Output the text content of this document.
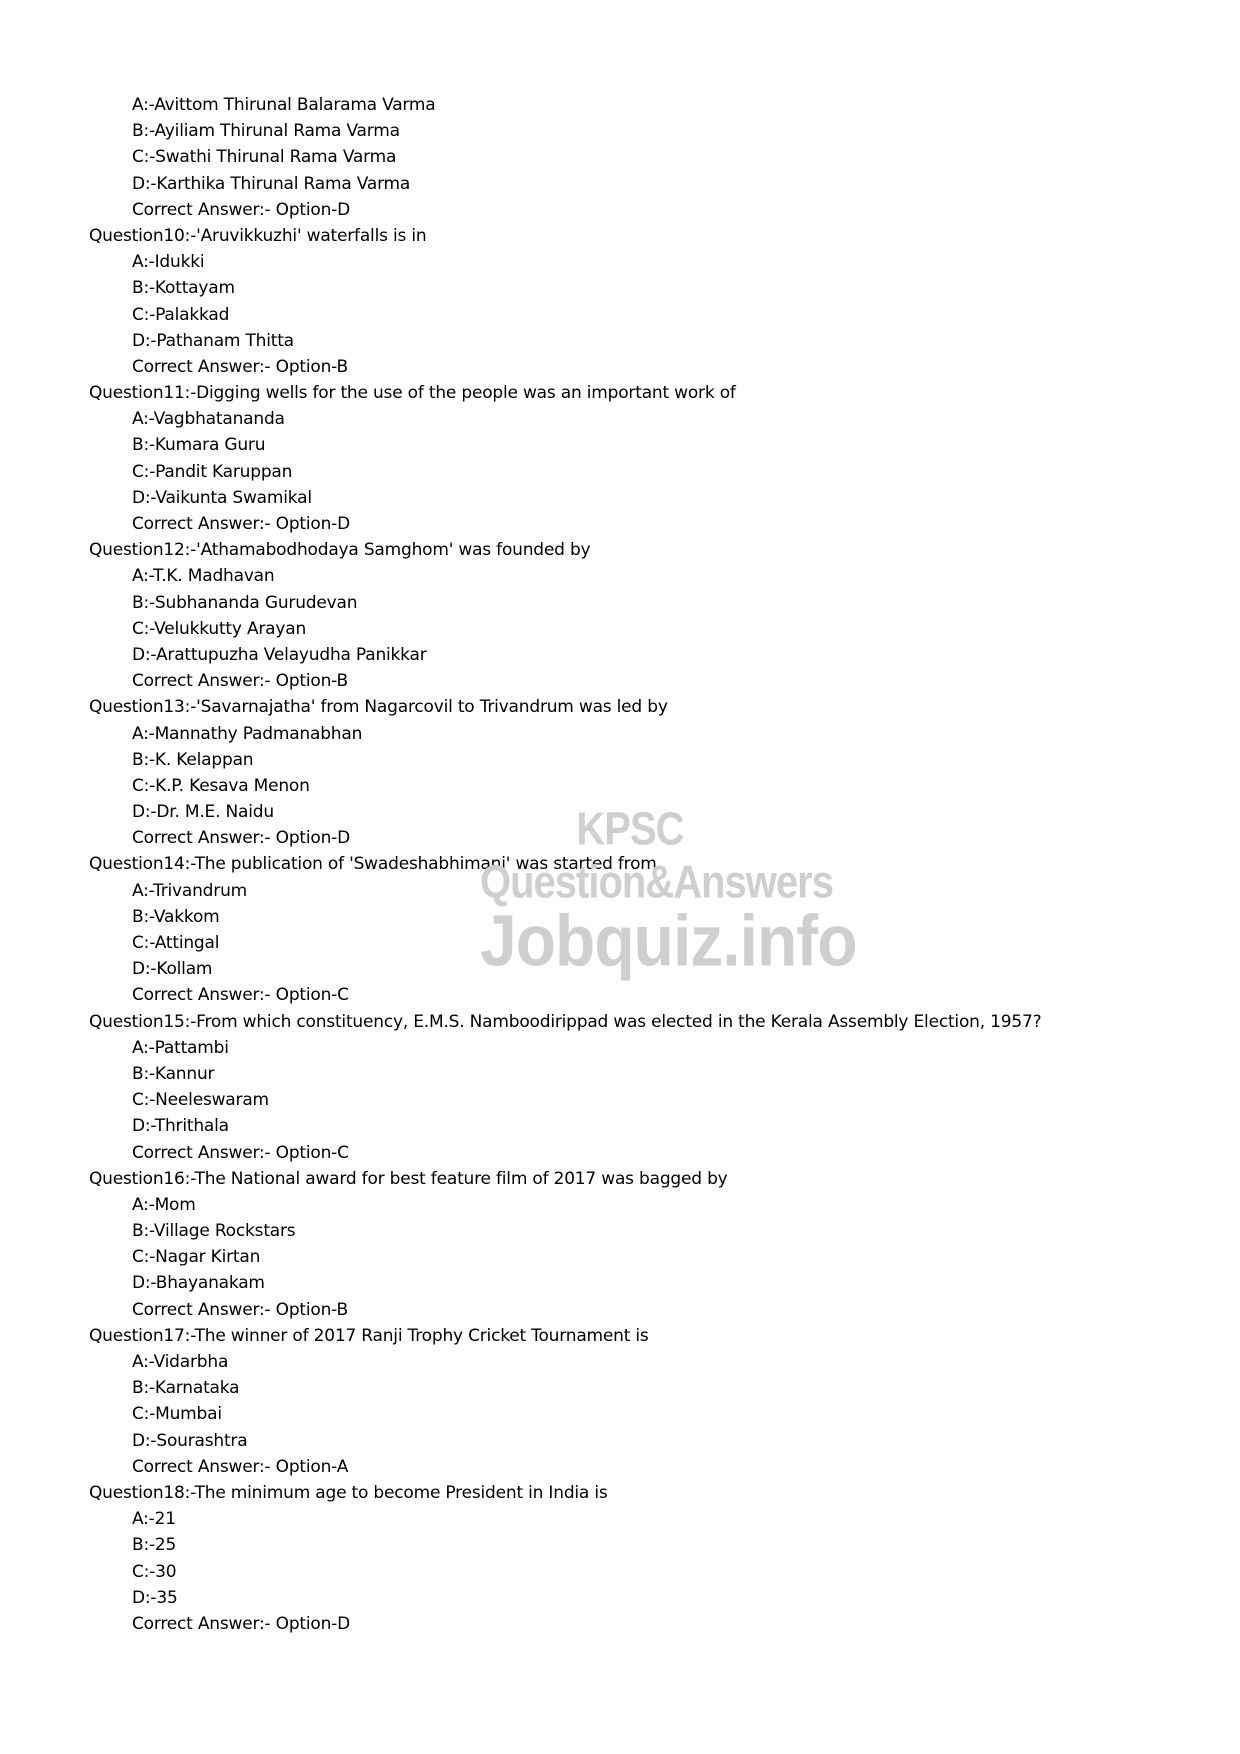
A:-Avittom Thirunal Balarama Varma
B:-Ayiliam Thirunal Rama Varma
C:-Swathi Thirunal Rama Varma
D:-Karthika Thirunal Rama Varma
Correct Answer:- Option-D
Question10:-'Aruvikkuzhi' waterfalls is in
A:-Idukki
B:-Kottayam
C:-Palakkad
D:-Pathanam Thitta
Correct Answer:- Option-B
Question11:-Digging wells for the use of the people was an important work of
A:-Vagbhatananda
B:-Kumara Guru
C:-Pandit Karuppan
D:-Vaikunta Swamikal
Correct Answer:- Option-D
Question12:-'Athamabodhodaya Samghom' was founded by
A:-T.K. Madhavan
B:-Subhananda Gurudevan
C:-Velukkutty Arayan
D:-Arattupuzha Velayudha Panikkar
Correct Answer:- Option-B
Question13:-'Savarnajatha' from Nagarcovil to Trivandrum was led by
A:-Mannathy Padmanabhan
B:-K. Kelappan
C:-K.P. Kesava Menon
D:-Dr. M.E. Naidu
Correct Answer:- Option-D
Question14:-The publication of 'Swadeshabhimani' was started from
A:-Trivandrum
B:-Vakkom
C:-Attingal
D:-Kollam
Correct Answer:- Option-C
Question15:-From which constituency, E.M.S. Namboodirippad was elected in the Kerala Assembly Election, 1957?
A:-Pattambi
B:-Kannur
C:-Neeleswaram
D:-Thrithala
Correct Answer:- Option-C
Question16:-The National award for best feature film of 2017 was bagged by
A:-Mom
B:-Village Rockstars
C:-Nagar Kirtan
D:-Bhayanakam
Correct Answer:- Option-B
Question17:-The winner of 2017 Ranji Trophy Cricket Tournament is
A:-Vidarbha
B:-Karnataka
C:-Mumbai
D:-Sourashtra
Correct Answer:- Option-A
Question18:-The minimum age to become President in India is
A:-21
B:-25
C:-30
D:-35
Correct Answer:- Option-D
KPSC Question&Answers
Jobquiz.info
